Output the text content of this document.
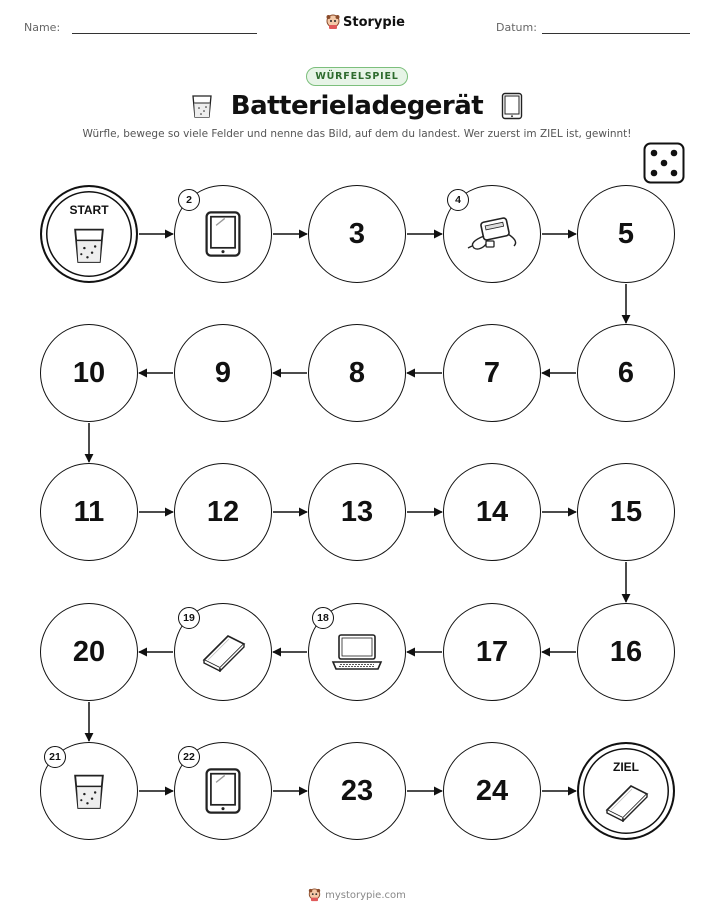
Name:	Storypie	Datum:
WÜRFELSPIEL
Batterieladegerät
Würfle, bewege so viele Felder und nenne das Bild, auf dem du landest. Wer zuerst im ZIEL ist, gewinnt!
START
2
3
4
5
6
7
8
9
10
11	12	13	14	15
16
17
18
19
20
21	22
23	24
ZIEL
mystorypie.com
